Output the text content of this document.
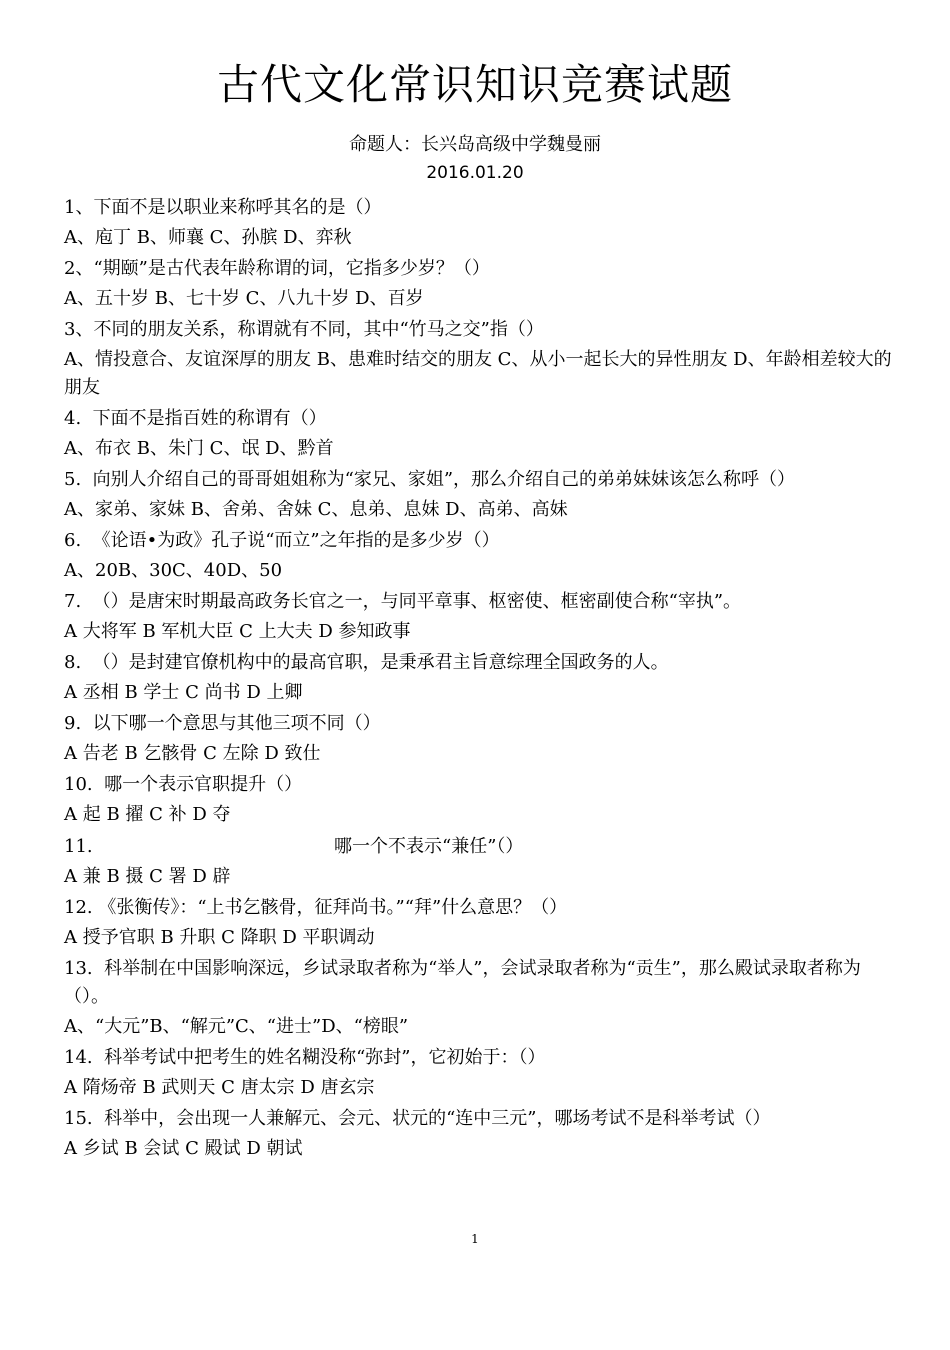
古代文化常识知识竞赛试题
命题人：长兴岛高级中学魏曼丽
2016.01.20
1、下面不是以职业来称呼其名的是（）
A、庖丁 B、师襄 C、孙膑 D、弈秋
2、“期颐”是古代表年龄称谓的词，它指多少岁？（）
A、五十岁 B、七十岁 C、八九十岁 D、百岁
3、不同的朋友关系，称谓就有不同，其中“竹马之交”指（）
A、情投意合、友谊深厚的朋友 B、患难时结交的朋友 C、从小一起长大的异性朋友 D、年龄相差较大的朋友
4.  下面不是指百姓的称谓有（）
A、布衣 B、朱门 C、氓 D、黔首
5.  向别人介绍自己的哥哥姐姐称为“家兄、家姐”，那么介绍自己的弟弟妹妹该怎么称呼（）
A、家弟、家妹 B、舍弟、舍妹 C、息弟、息妹 D、高弟、高妹
6.  《论语•为政》孔子说“而立”之年指的是多少岁（）
A、20B、30C、40D、50
7.  （）是唐宋时期最高政务长官之一，与同平章事、枢密使、框密副使合称“宰执”。
A 大将军 B 军机大臣 C 上大夫 D 参知政事
8.  （）是封建官僚机构中的最高官职，是秉承君主旨意综理全国政务的人。
A 丞相 B 学士 C 尚书 D 上卿
9.  以下哪一个意思与其他三项不同（）
A 告老 B 乞骸骨 C 左除 D 致仕
10.  哪一个表示官职提升（）
A 起 B 擢 C 补 D 夺
11.	哪一个不表示“兼任”（）
A 兼 B 摄 C 署 D 辟
12. 《张衡传》：“上书乞骸骨，征拜尚书。”“拜”什么意思？（）
A 授予官职 B 升职 C 降职 D 平职调动
13.  科举制在中国影响深远，乡试录取者称为“举人”，会试录取者称为“贡生”，那么殿试录取者称为（）。
A、“大元”B、“解元”C、“进士”D、“榜眼”
14.  科举考试中把考生的姓名糊没称“弥封”，它初始于：（）
A 隋炀帝 B 武则天 C 唐太宗 D 唐玄宗
15.  科举中，会出现一人兼解元、会元、状元的“连中三元”，哪场考试不是科举考试（）
A 乡试 B 会试 C 殿试 D 朝试
1
